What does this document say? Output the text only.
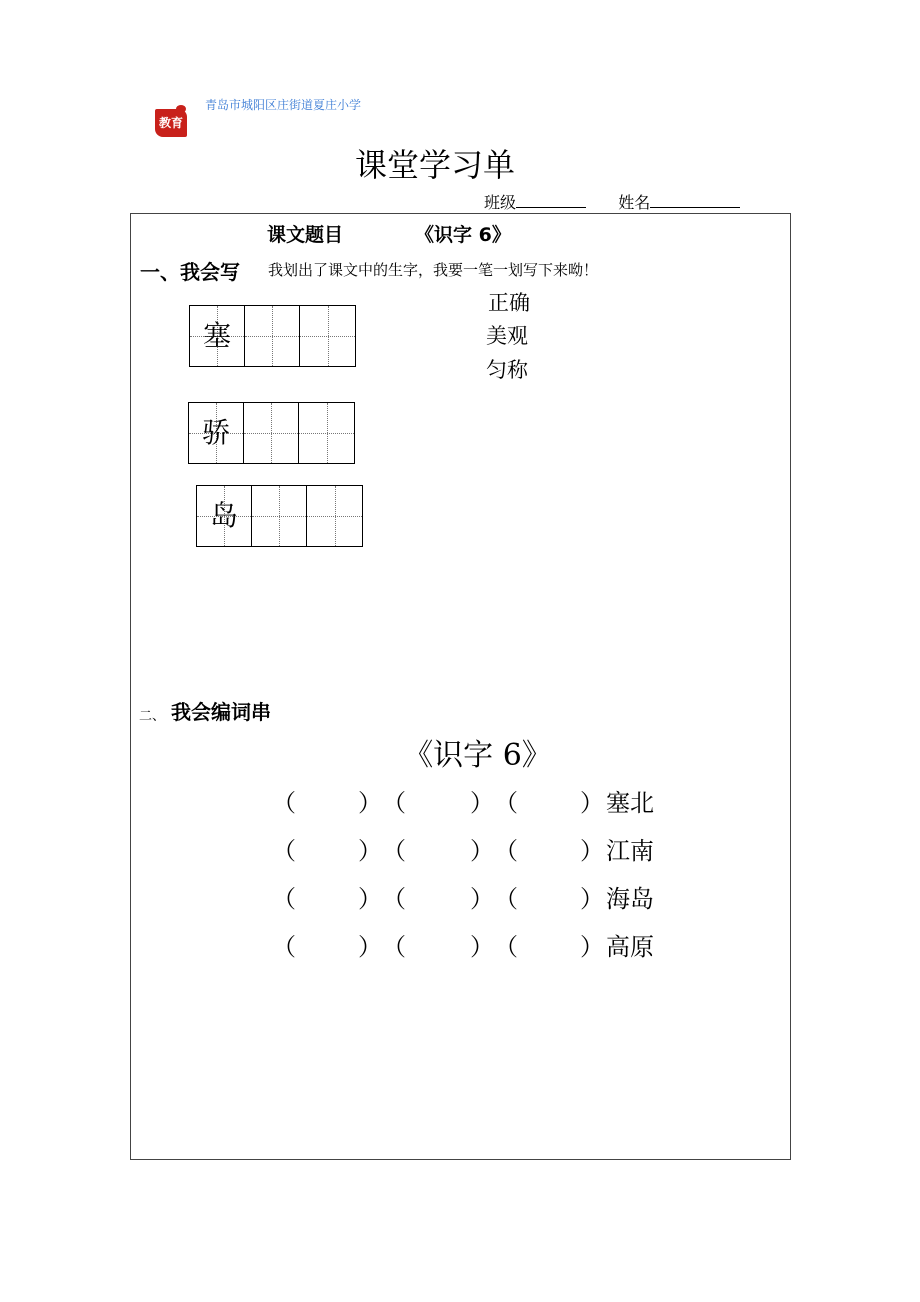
青岛市城阳区庄街道夏庄小学
教育
课堂学习单
班级	姓名
课文题目	《识字 6》
一、我会写 我划出了课文中的生字，我要一笔一划写下来呦！
正确
美观
匀称
塞
骄
岛
二、 我会编词串
《识字 6》
（	） （	） （	） 塞北
（	） （	） （	） 江南
（	） （	） （	） 海岛
（	） （	） （	） 高原
